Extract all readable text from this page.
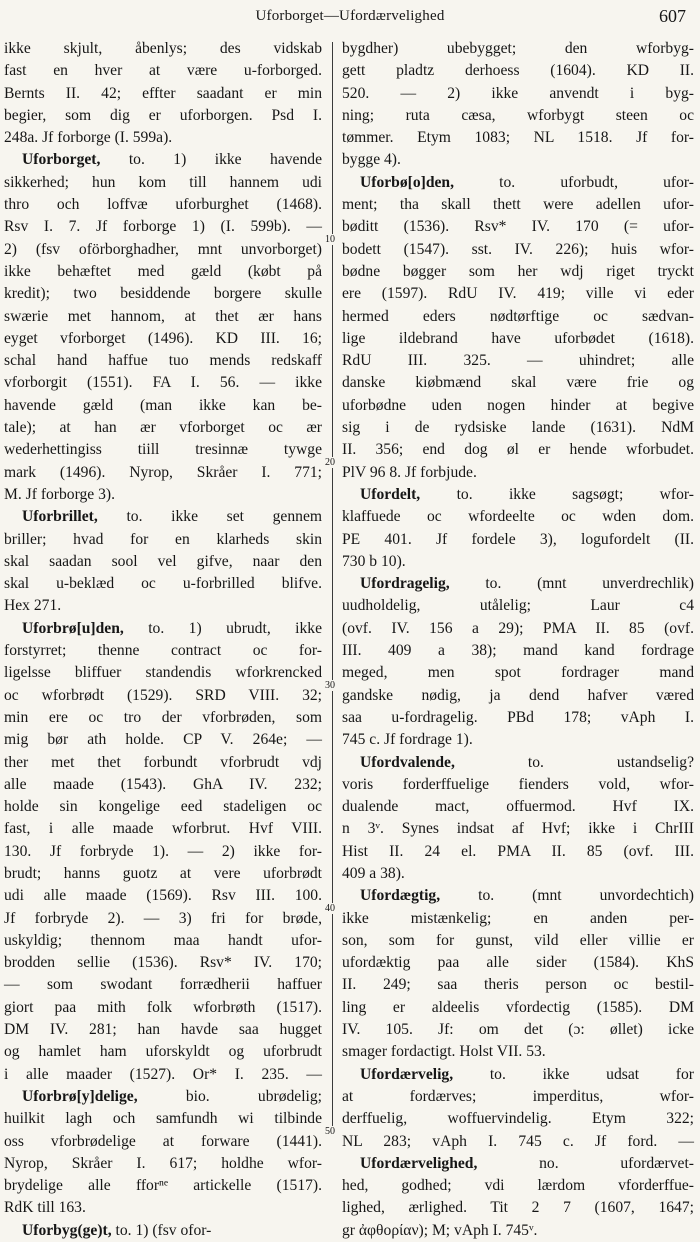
Uforborget—Ufordærvelighed	607
ikke skjult, åbenlys; des vidskab
fast en hver at være u-forborged.
Bernts II. 42; effter saadant er min
begier, som dig er uforborgen. Psd I.
248a. Jf forborge (I. 599a).
Uforborget, to. 1) ikke havende
sikkerhed; hun kom till hannem udi
thro och loffvæ uforburghet (1468).
Rsv I. 7. Jf forborge 1) (I. 599b). —
2) (fsv oförborghadher, mnt unvorborget)
ikke behæftet med gæld (købt på
kredit); two besiddende borgere skulle
swærie met hannom, at thet ær hans
eyget vforborget (1496). KD III. 16;
schal hand haffue tuo mends redskaff
vforborgit (1551). FA I. 56. — ikke
havende gæld (man ikke kan be-
tale); at han ær vforborget oc ær
wederhettingiss tiill tresinnæ tywge
mark (1496). Nyrop, Skråer I. 771;
M. Jf forborge 3).
Uforbrillet, to. ikke set gennem
briller; hvad for en klarheds skin
skal saadan sool vel gifve, naar den
skal u-beklæd oc u-forbrilled blifve.
Hex 271.
Uforbrø[u]den, to. 1) ubrudt, ikke
forstyrret; thenne contract oc for-
ligelsse bliffuer standendis wforkrencked
oc wforbrødt (1529). SRD VIII. 32;
min ere oc tro der vforbrøden, som
mig bør ath holde. CP V. 264e; —
ther met thet forbundt vforbrudt vdj
alle maade (1543). GhA IV. 232;
holde sin kongelige eed stadeligen oc
fast, i alle maade wforbrut. Hvf VIII.
130. Jf forbryde 1). — 2) ikke for-
brudt; hanns guotz at vere uforbrødt
udi alle maade (1569). Rsv III. 100.
Jf forbryde 2). — 3) fri for brøde,
uskyldig; thennom maa handt ufor-
brodden sellie (1536). Rsv* IV. 170;
— som swodant forrædherii haffuer
giort paa mith folk wforbrøth (1517).
DM IV. 281; han havde saa hugget
og hamlet ham uforskyldt og uforbrudt
i alle maader (1527). Or* I. 235. —
Uforbrø[y]delige, bio. ubrødelig;
huilkit lagh och samfundh wi tilbinde
oss vforbrødelige at forware (1441).
Nyrop, Skråer I. 617; holdhe wfor-
brydelige alle fforⁿᵉ artickelle (1517).
RdK till 163.
Uforbyg(ge)t, to. 1) (fsv ofor-
10
20
30
40
50
bygdher) ubebygget; den wforbyg-
gett pladtz derhoess (1604). KD II.
520. — 2) ikke anvendt i byg-
ning; ruta cæsa, wforbygt steen oc
tømmer. Etym 1083; NL 1518. Jf for-
bygge 4).
Uforbø[o]den, to. uforbudt, ufor-
ment; tha skall thett were adellen ufor-
bøditt (1536). Rsv* IV. 170 (= ufor-
bodett (1547). sst. IV. 226); huis wfor-
bødne bøgger som her wdj riget tryckt
ere (1597). RdU IV. 419; ville vi eder
hermed eders nødtørftige oc sædvan-
lige ildebrand have uforbødet (1618).
RdU III. 325. — uhindret; alle
danske kiøbmænd skal være frie og
uforbødne uden nogen hinder at begive
sig i de rydsiske lande (1631). NdM
II. 356; end dog øl er hende wforbudet.
PlV 96 8. Jf forbjude.
Ufordelt, to. ikke sagsøgt; wfor-
klaffuede oc wfordeelte oc wden dom.
PE 401. Jf fordele 3), logufordelt (II.
730 b 10).
Ufordragelig, to. (mnt unverdrechlik)
uudholdelig, utålelig; Laur c4
(ovf. IV. 156 a 29); PMA II. 85 (ovf.
III. 409 a 38); mand kand fordrage
meged, men spot fordrager mand
gandske nødig, ja dend hafver væred
saa u-fordragelig. PBd 178; vAph I.
745 c. Jf fordrage 1).
Ufordvalende, to. ustandselig?
voris forderffuelige fienders vold, wfor-
dualende mact, offuermod. Hvf IX.
n 3ᵛ. Synes indsat af Hvf; ikke i ChrIII
Hist II. 24 el. PMA II. 85 (ovf. III.
409 a 38).
Ufordægtig, to. (mnt unvordechtich)
ikke mistænkelig; en anden per-
son, som for gunst, vild eller villie er
ufordæktig paa alle sider (1584). KhS
II. 249; saa theris person oc bestil-
ling er aldeelis vfordectig (1585). DM
IV. 105. Jf: om det (ɔ: øllet) icke
smager fordactigt. Holst VII. 53.
Ufordærvelig, to. ikke udsat for
at fordærves; imperditus, wfor-
derffuelig, woffuervindelig. Etym 322;
NL 283; vAph I. 745 c. Jf ford. —
Ufordærvelighed, no. ufordærvet-
hed, godhed; vdi lærdom vforderffue-
lighed, ærlighed. Tit 2 7 (1607, 1647;
gr ἀφθορίαν); M; vAph I. 745ᵛ.
